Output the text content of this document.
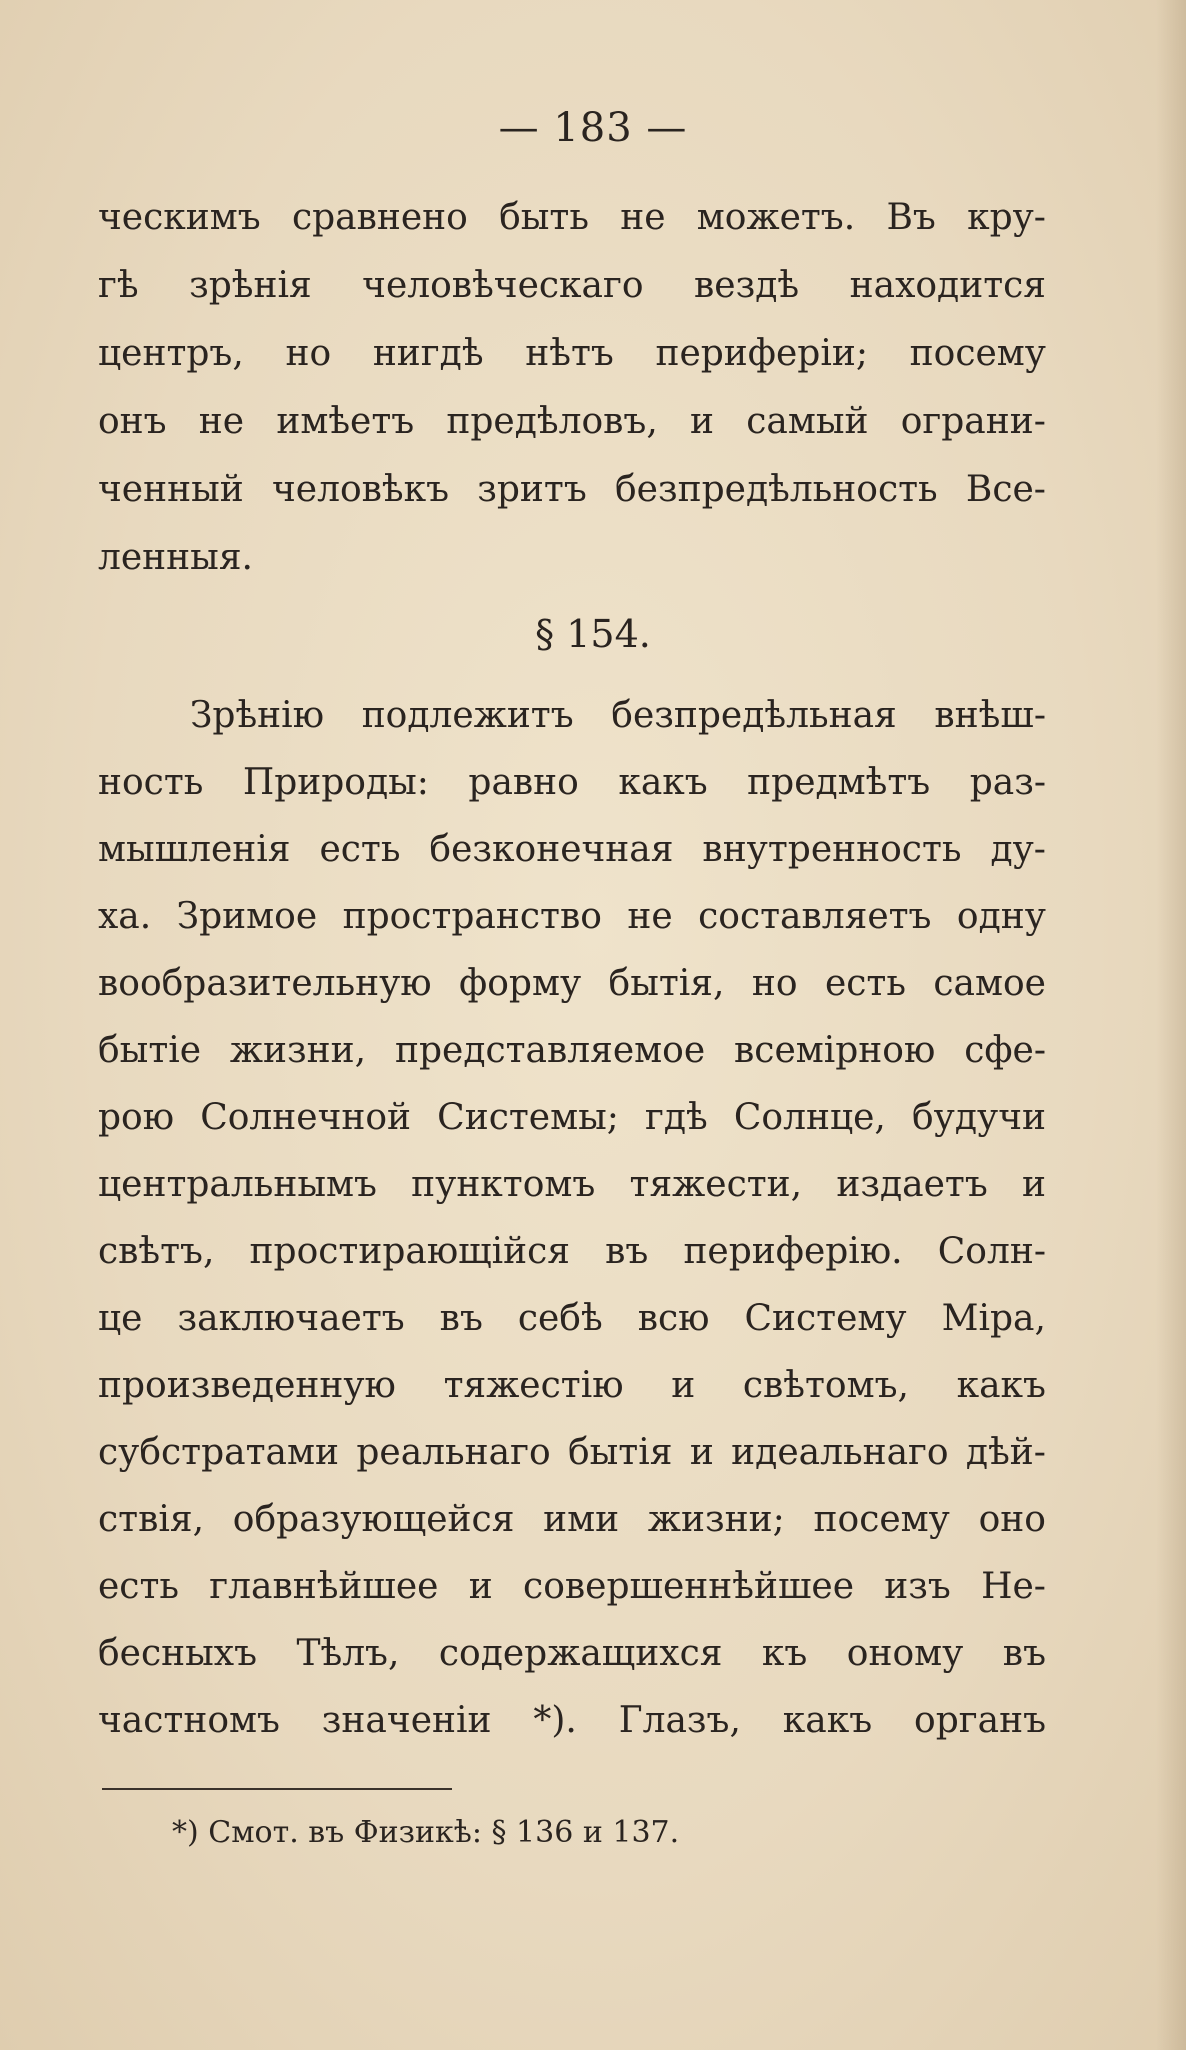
— 183 —
ческимъ сравнено быть не можетъ. Въ кру-
гѣ зрѣнія человѣческаго вездѣ находится
центръ, но нигдѣ нѣтъ периферіи; посему
онъ не имѣетъ предѣловъ, и самый ограни-
ченный человѣкъ зритъ безпредѣльность Все-
ленныя.
§ 154.
Зрѣнію подлежитъ безпредѣльная внѣш-
ность Природы: равно какъ предмѣтъ раз-
мышленія есть безконечная внутренность ду-
ха. Зримое пространство не составляетъ одну
вообразительную форму бытія, но есть самое
бытіе жизни, представляемое всемірною сфе-
рою Солнечной Системы; гдѣ Солнце, будучи
центральнымъ пунктомъ тяжести, издаетъ и
свѣтъ, простирающійся въ периферію. Солн-
це заключаетъ въ себѣ всю Систему Міра,
произведенную тяжестію и свѣтомъ, какъ
субстратами реальнаго бытія и идеальнаго дѣй-
ствія, образующейся ими жизни; посему оно
есть главнѣйшее и совершеннѣйшее изъ Не-
бесныхъ Тѣлъ, содержащихся къ оному въ
частномъ значеніи *). Глазъ, какъ органъ
*) Смот. въ Физикѣ: § 136 и 137.
